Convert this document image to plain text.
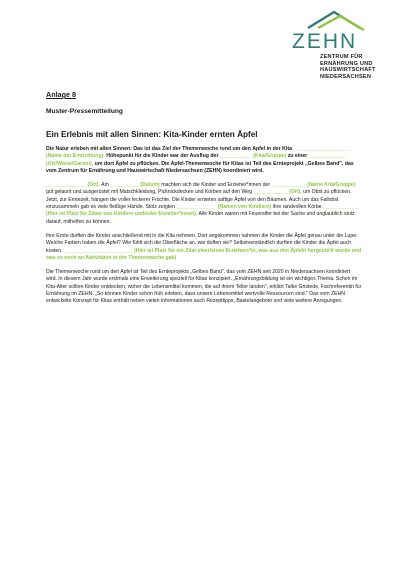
ZEHN
ZENTRUM FÜR
ERNÄHRUNG UND
HAUSWIRTSCHAFT
NIEDERSACHSEN
Anlage 8
Muster-Pressemitteilung
Ein Erlebnis mit allen Sinnen: Kita-Kinder ernten Äpfel

Die Natur erleben mit allen Sinnen: Das ist das Ziel der Themenwoche rund um den Apfel in der Kita ____________________ (Name der Einrichtung). Höhepunkt für die Kinder war der Ausflug der ___________ (Kita/Gruppe) zu einer _____________ (Ort/Wiese/Garten), um dort Äpfel zu pflücken. Die Apfel-Themenwoche für Kitas ist Teil des Ernteprojekt „Gelbes Band", das vom Zentrum für Ernährung und Hauswirtschaft Niedersachsen (ZEHN) koordiniert wird.

______________ (Ort). Am __________ (Datum) machten sich die Kinder und Erzieher*innen der ____________ (Name Kita/Gruppe) gut gelaunt und ausgerüstet mit Matschkleidung, Picknickdecken und Körben auf den Weg ____________ (Ort), um Obst zu pflücken. Jetzt, zur Erntezeit, hängen die voller leckerer Früchte. Die Kinder ernteten saftige Äpfel von den Bäumen. Auch um das Fallobst einzusammeln gab es viele fleißige Hände. Stolz zeigten ______________ (Namen von Kind/ern) ihre randvollen Körbe. ____________ (Hier ist Platz für Zitate von Kindern und/oder Erzieher*innen). Alle Kinder waren mit Feuereifer bei der Sache und unglaublich stolz darauf, mithelfen zu können.

Ihre Ernte durften die Kinder anschließend mit in die Kita nehmen. Dort angekommen nahmen die Kinder die Äpfel genau unter die Lupe: Welche Farben haben die Äpfel? Wie fühlt sich die Oberfläche an, wie duften sie? Selbstverständlich durften die Kinder die Äpfel auch kosten. ________________________ (Hier ist Platz für ein Zitat einer/eines Erziehers*in, was aus den Äpfeln hergestellt wurde und was es noch an Aktivitäten in der Themenwoche gab)

Die Themenwoche rund um den Apfel ist Teil des Ernteprojekts „Gelbes Band", das vom ZEHN seit 2020 in Niedersachsen koordiniert wird. In diesem Jahr wurde erstmals eine Erweiterung speziell für Kitas konzipiert. „Ernährungsbildung ist ein wichtiges Thema. Schon im Kita-Alter sollten Kinder entdecken, woher die Lebensmittel kommen, die auf ihrem Teller landen", erklärt Talke Gristede, Fachreferentin für Ernährung im ZEHN. „So können Kinder schon früh erleben, dass unsere Lebensmittel wertvolle Ressourcen sind." Das vom ZEHN entwickelte Konzept für Kitas enthält neben vielen Informationen auch Rezepttipps, Bastelangebote und viele weitere Anregungen.
